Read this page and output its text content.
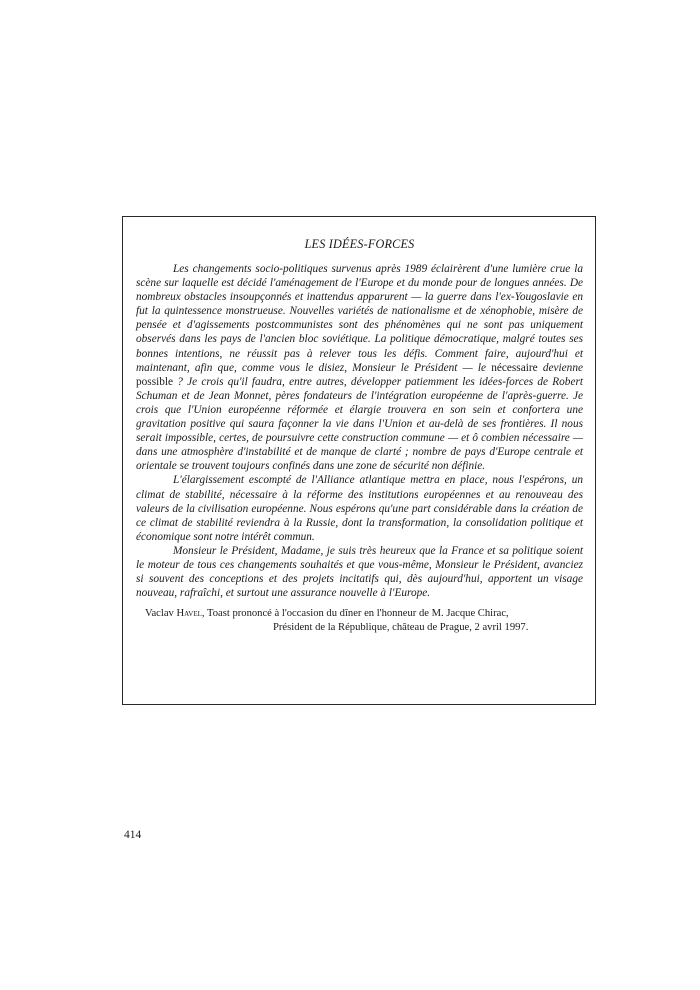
LES IDÉES-FORCES

Les changements socio-politiques survenus après 1989 éclairèrent d'une lumière crue la scène sur laquelle est décidé l'aménagement de l'Europe et du monde pour de longues années. De nombreux obstacles insoupçonnés et inattendus apparurent — la guerre dans l'ex-Yougoslavie en fut la quintessence monstrueuse. Nouvelles variétés de nationalisme et de xénophobie, misère de pensée et d'agissements postcommunistes sont des phénomènes qui ne sont pas uniquement observés dans les pays de l'ancien bloc soviétique. La politique démocratique, malgré toutes ses bonnes intentions, ne réussit pas à relever tous les défis. Comment faire, aujourd'hui et maintenant, afin que, comme vous le disiez, Monsieur le Président — le nécessaire devienne possible ? Je crois qu'il faudra, entre autres, développer patiemment les idées-forces de Robert Schuman et de Jean Monnet, pères fondateurs de l'intégration européenne de l'après-guerre. Je crois que l'Union européenne réformée et élargie trouvera en son sein et confortera une gravitation positive qui saura façonner la vie dans l'Union et au-delà de ses frontières. Il nous serait impossible, certes, de poursuivre cette construction commune — et ô combien nécessaire — dans une atmosphère d'instabilité et de manque de clarté ; nombre de pays d'Europe centrale et orientale se trouvent toujours confinés dans une zone de sécurité non définie.

L'élargissement escompté de l'Alliance atlantique mettra en place, nous l'espérons, un climat de stabilité, nécessaire à la réforme des institutions européennes et au renouveau des valeurs de la civilisation européenne. Nous espérons qu'une part considérable dans la création de ce climat de stabilité reviendra à la Russie, dont la transformation, la consolidation politique et économique sont notre intérêt commun.

Monsieur le Président, Madame, je suis très heureux que la France et sa politique soient le moteur de tous ces changements souhaités et que vous-même, Monsieur le Président, avanciez si souvent des conceptions et des projets incitatifs qui, dès aujourd'hui, apportent un visage nouveau, rafraîchi, et surtout une assurance nouvelle à l'Europe.

Vaclav Havel, Toast prononcé à l'occasion du dîner en l'honneur de M. Jacque Chirac,

Président de la République, château de Prague, 2 avril 1997.

414
